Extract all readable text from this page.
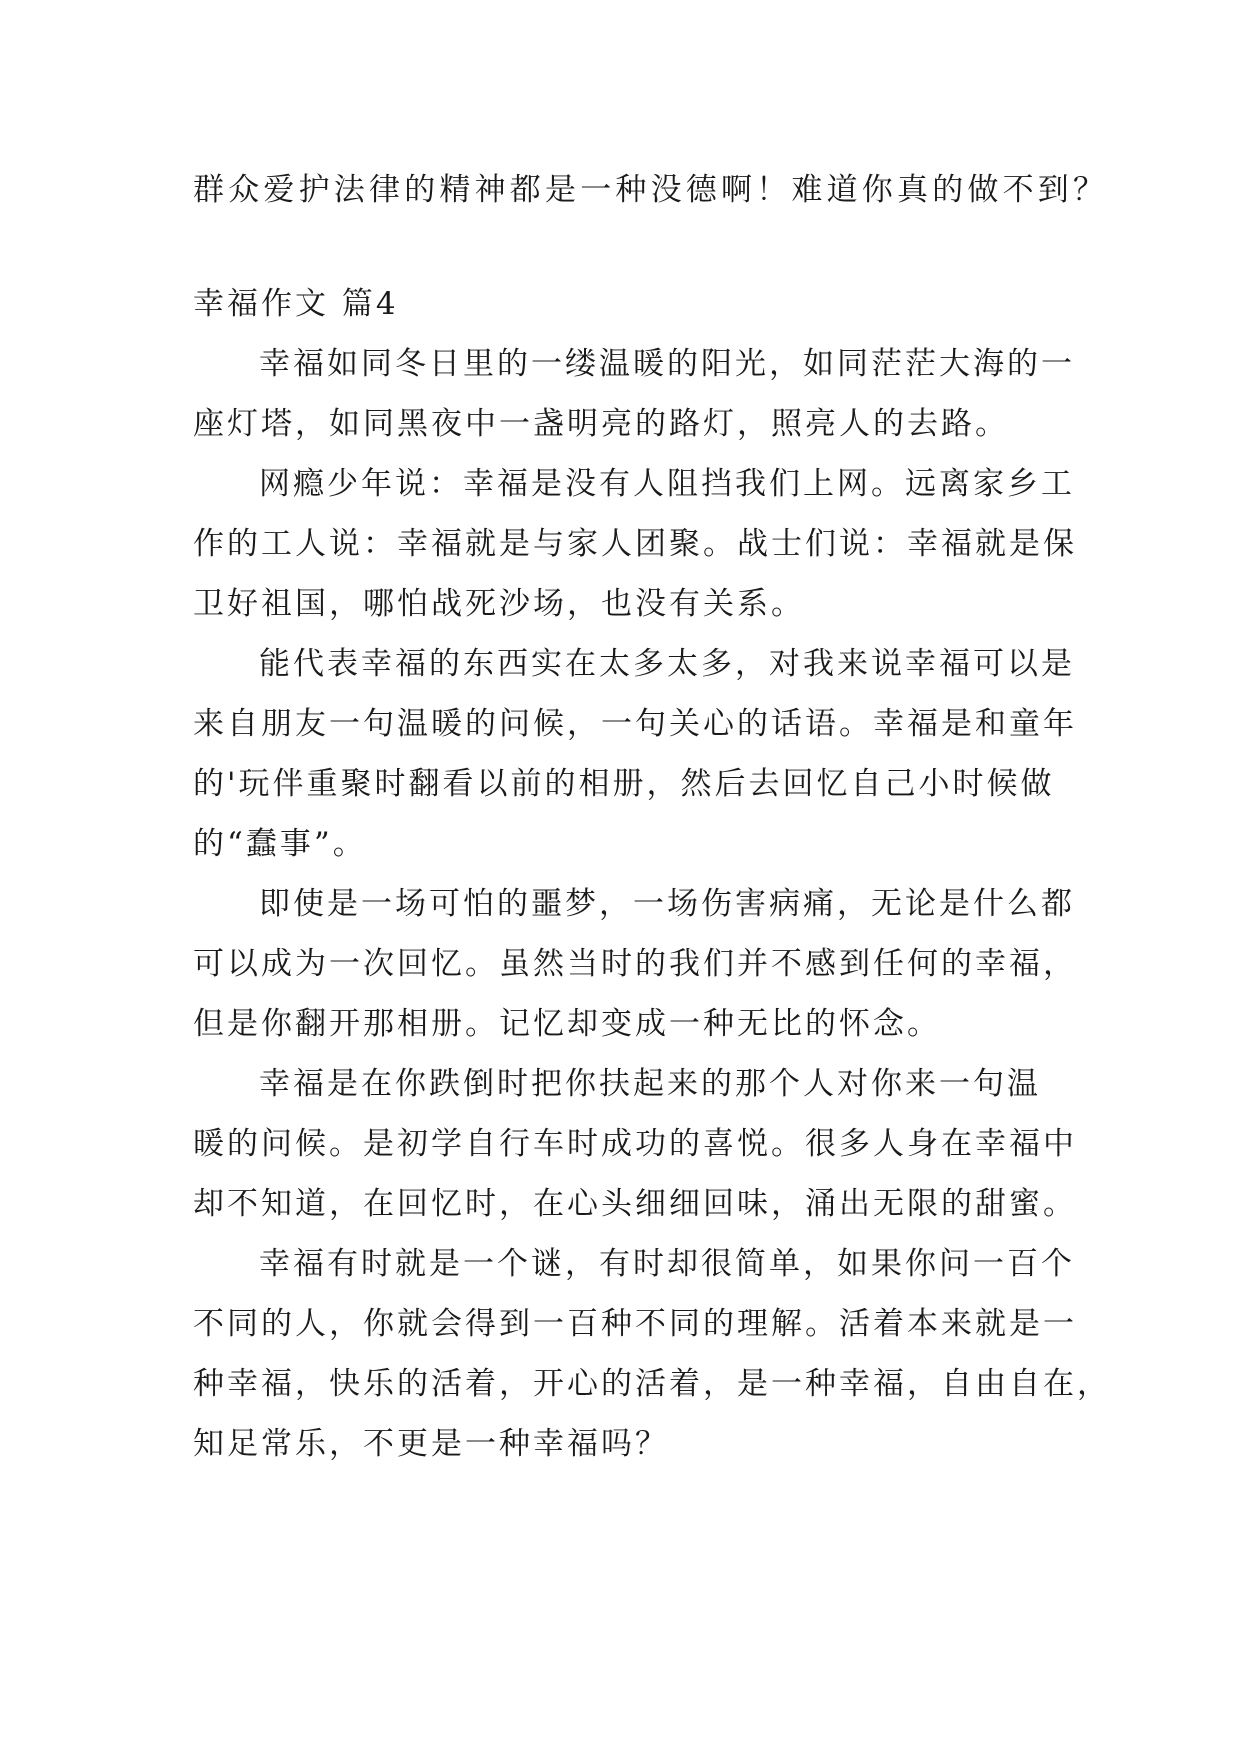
群众爱护法律的精神都是一种没德啊！难道你真的做不到？
幸福作文 篇4
幸福如同冬日里的一缕温暖的阳光，如同茫茫大海的一
座灯塔，如同黑夜中一盏明亮的路灯，照亮人的去路。
网瘾少年说：幸福是没有人阻挡我们上网。远离家乡工
作的工人说：幸福就是与家人团聚。战士们说：幸福就是保
卫好祖国，哪怕战死沙场，也没有关系。
能代表幸福的东西实在太多太多，对我来说幸福可以是
来自朋友一句温暖的问候，一句关心的话语。幸福是和童年
的'玩伴重聚时翻看以前的相册，然后去回忆自己小时候做
的“蠢事”。
即使是一场可怕的噩梦，一场伤害病痛，无论是什么都
可以成为一次回忆。虽然当时的我们并不感到任何的幸福，
但是你翻开那相册。记忆却变成一种无比的怀念。
幸福是在你跌倒时把你扶起来的那个人对你来一句温
暖的问候。是初学自行车时成功的喜悦。很多人身在幸福中
却不知道，在回忆时，在心头细细回味，涌出无限的甜蜜。
幸福有时就是一个谜，有时却很简单，如果你问一百个
不同的人，你就会得到一百种不同的理解。活着本来就是一
种幸福，快乐的活着，开心的活着，是一种幸福，自由自在，
知足常乐，不更是一种幸福吗？
